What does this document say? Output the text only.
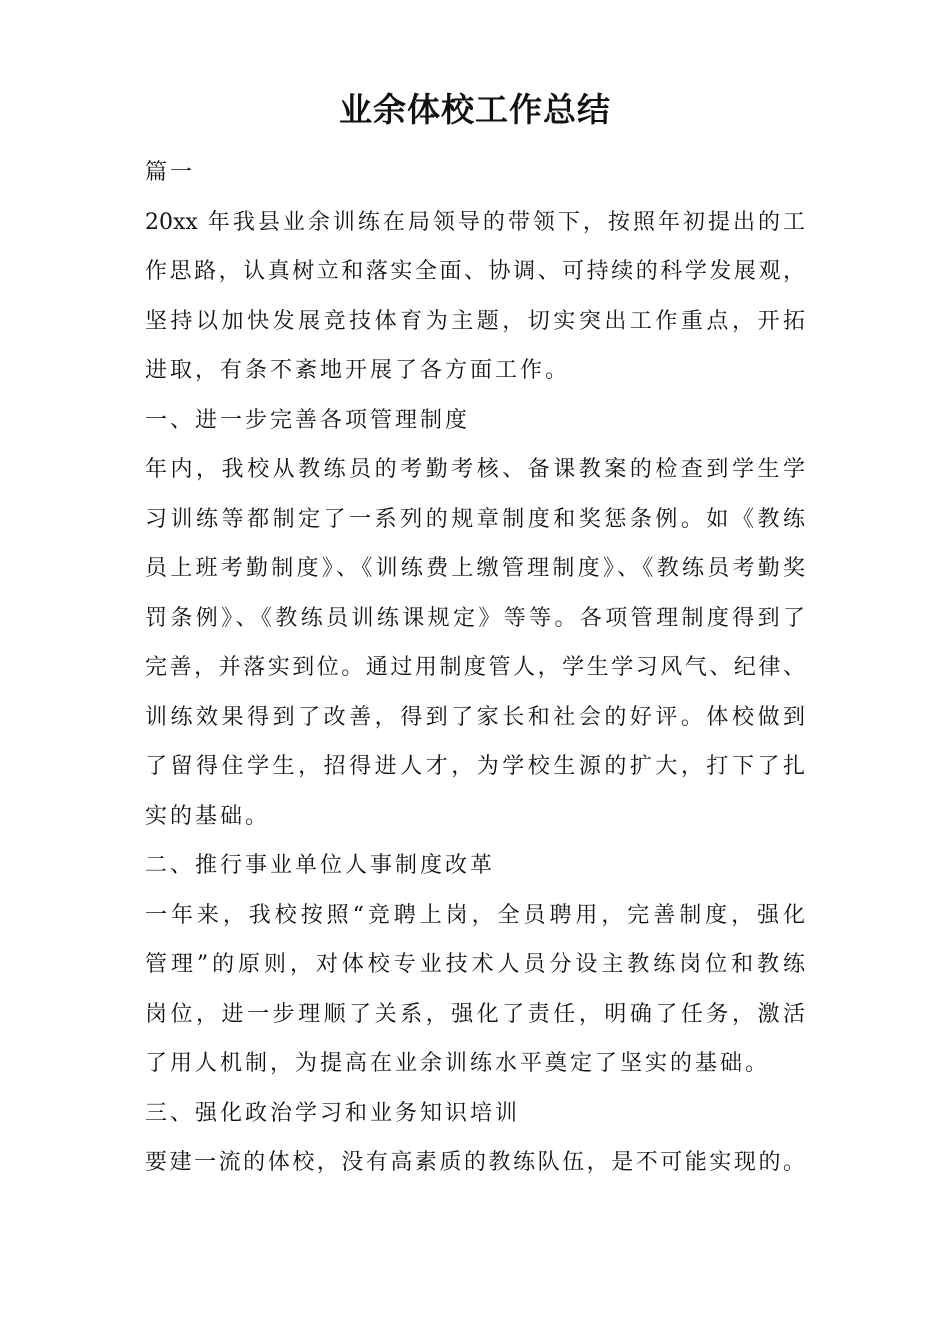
业余体校工作总结
篇一
20xx 年我县业余训练在局领导的带领下，按照年初提出的工
作思路，认真树立和落实全面、协调、可持续的科学发展观，
坚持以加快发展竞技体育为主题，切实突出工作重点，开拓
进取，有条不紊地开展了各方面工作。
一、进一步完善各项管理制度
年内，我校从教练员的考勤考核、备课教案的检查到学生学
习训练等都制定了一系列的规章制度和奖惩条例。如《教练
员上班考勤制度》、《训练费上缴管理制度》、《教练员考勤奖
罚条例》、《教练员训练课规定》等等。各项管理制度得到了
完善，并落实到位。通过用制度管人，学生学习风气、纪律、
训练效果得到了改善，得到了家长和社会的好评。体校做到
了留得住学生，招得进人才，为学校生源的扩大，打下了扎
实的基础。
二、推行事业单位人事制度改革
一年来，我校按照“竞聘上岗，全员聘用，完善制度，强化
管理”的原则，对体校专业技术人员分设主教练岗位和教练
岗位，进一步理顺了关系，强化了责任，明确了任务，激活
了用人机制，为提高在业余训练水平奠定了坚实的基础。
三、强化政治学习和业务知识培训
要建一流的体校，没有高素质的教练队伍，是不可能实现的。
